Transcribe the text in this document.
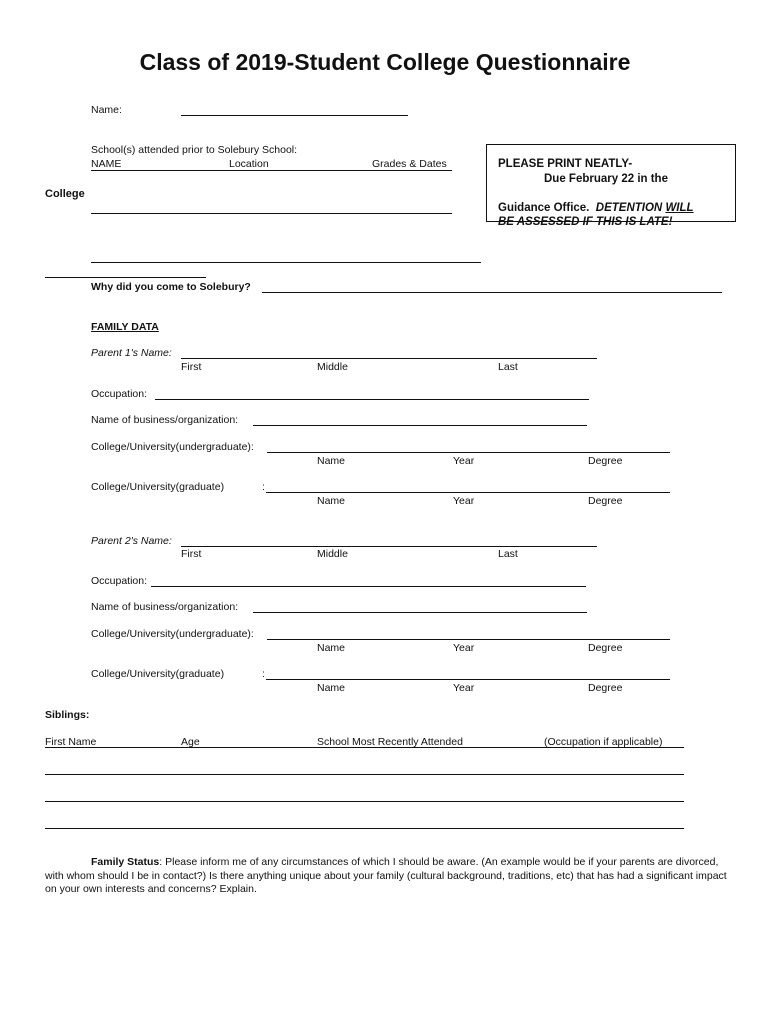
Class of 2019-Student College Questionnaire
Name:
School(s) attended prior to Solebury School:
NAME	Location	Grades & Dates
College
PLEASE PRINT NEATLY-
Due February 22 in the
Guidance Office. DETENTION WILL
BE ASSESSED IF THIS IS LATE!
Why did you come to Solebury?
FAMILY DATA
Parent 1's Name:
First	Middle	Last
Occupation:
Name of business/organization:
College/University(undergraduate):
Name	Year	Degree
College/University(graduate)	:
Name	Year	Degree
Parent 2's Name:
First	Middle	Last
Occupation:
Name of business/organization:
College/University(undergraduate):
Name	Year	Degree
College/University(graduate)	:
Name	Year	Degree
Siblings:
First Name	Age	School Most Recently Attended	(Occupation if applicable)
Family Status: Please inform me of any circumstances of which I should be aware. (An example would be if your parents are divorced, with whom should I be in contact?) Is there anything unique about your family (cultural background, traditions, etc) that has had a significant impact on your own interests and concerns? Explain.
